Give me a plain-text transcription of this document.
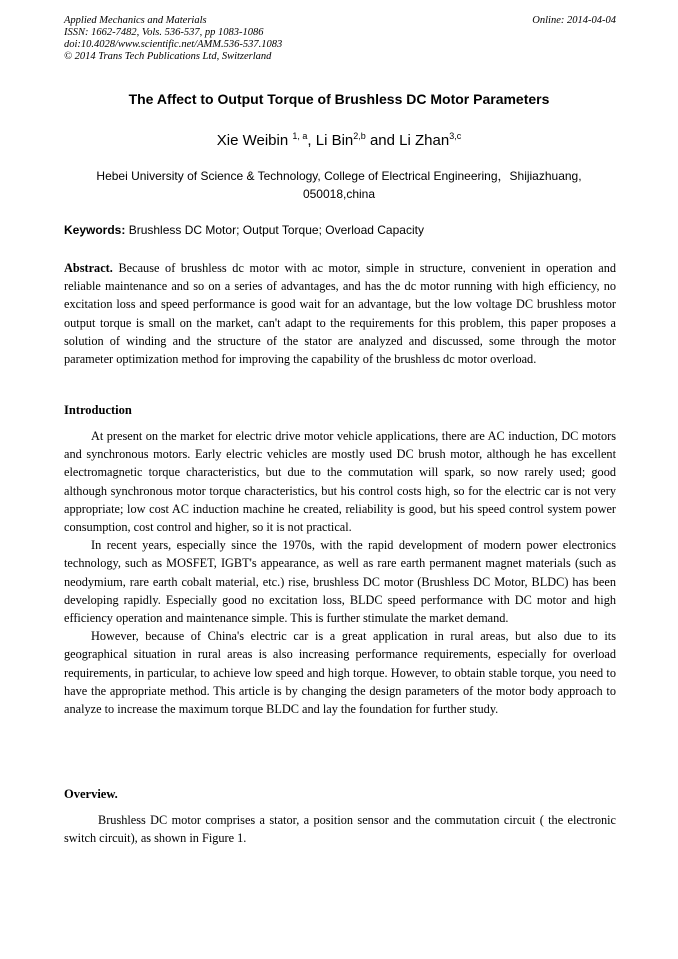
Applied Mechanics and Materials
ISSN: 1662-7482, Vols. 536-537, pp 1083-1086
doi:10.4028/www.scientific.net/AMM.536-537.1083
© 2014 Trans Tech Publications Ltd, Switzerland
Online: 2014-04-04
The Affect to Output Torque of Brushless DC Motor Parameters
Xie Weibin $^{1, a}$, Li Bin$^{2,b}$ and Li Zhan$^{3,c}$
Hebei University of Science & Technology, College of Electrical Engineering，Shijiazhuang,
050018,china
Keywords: Brushless DC Motor; Output Torque; Overload Capacity

Abstract. Because of brushless dc motor with ac motor, simple in structure, convenient in operation and reliable maintenance and so on a series of advantages, and has the dc motor running with high efficiency, no excitation loss and speed performance is good wait for an advantage, but the low voltage DC brushless motor output torque is small on the market, can't adapt to the requirements for this problem, this paper proposes a solution of winding and the structure of the stator are analyzed and discussed, some through the motor parameter optimization method for improving the capability of the brushless dc motor overload.

Introduction

At present on the market for electric drive motor vehicle applications, there are AC induction, DC motors and synchronous motors. Early electric vehicles are mostly used DC brush motor, although he has excellent electromagnetic torque characteristics, but due to the commutation will spark, so now rarely used; good although synchronous motor torque characteristics, but his control costs high, so for the electric car is not very appropriate; low cost AC induction machine he created, reliability is good, but his speed control system power consumption, cost control and higher, so it is not practical.

In recent years, especially since the 1970s, with the rapid development of modern power electronics technology, such as MOSFET, IGBT's appearance, as well as rare earth permanent magnet materials (such as neodymium, rare earth cobalt material, etc.) rise, brushless DC motor (Brushless DC Motor, BLDC) has been developing rapidly. Especially good no excitation loss, BLDC speed performance with DC motor and high efficiency operation and maintenance simple. This is further stimulate the market demand.

However, because of China's electric car is a great application in rural areas, but also due to its geographical situation in rural areas is also increasing performance requirements, especially for overload requirements, in particular, to achieve low speed and high torque. However, to obtain stable torque, you need to have the appropriate method. This article is by changing the design parameters of the motor body approach to analyze to increase the maximum torque BLDC and lay the foundation for further study.

Overview.

Brushless DC motor comprises a stator, a position sensor and the commutation circuit ( the electronic switch circuit), as shown in Figure 1.
